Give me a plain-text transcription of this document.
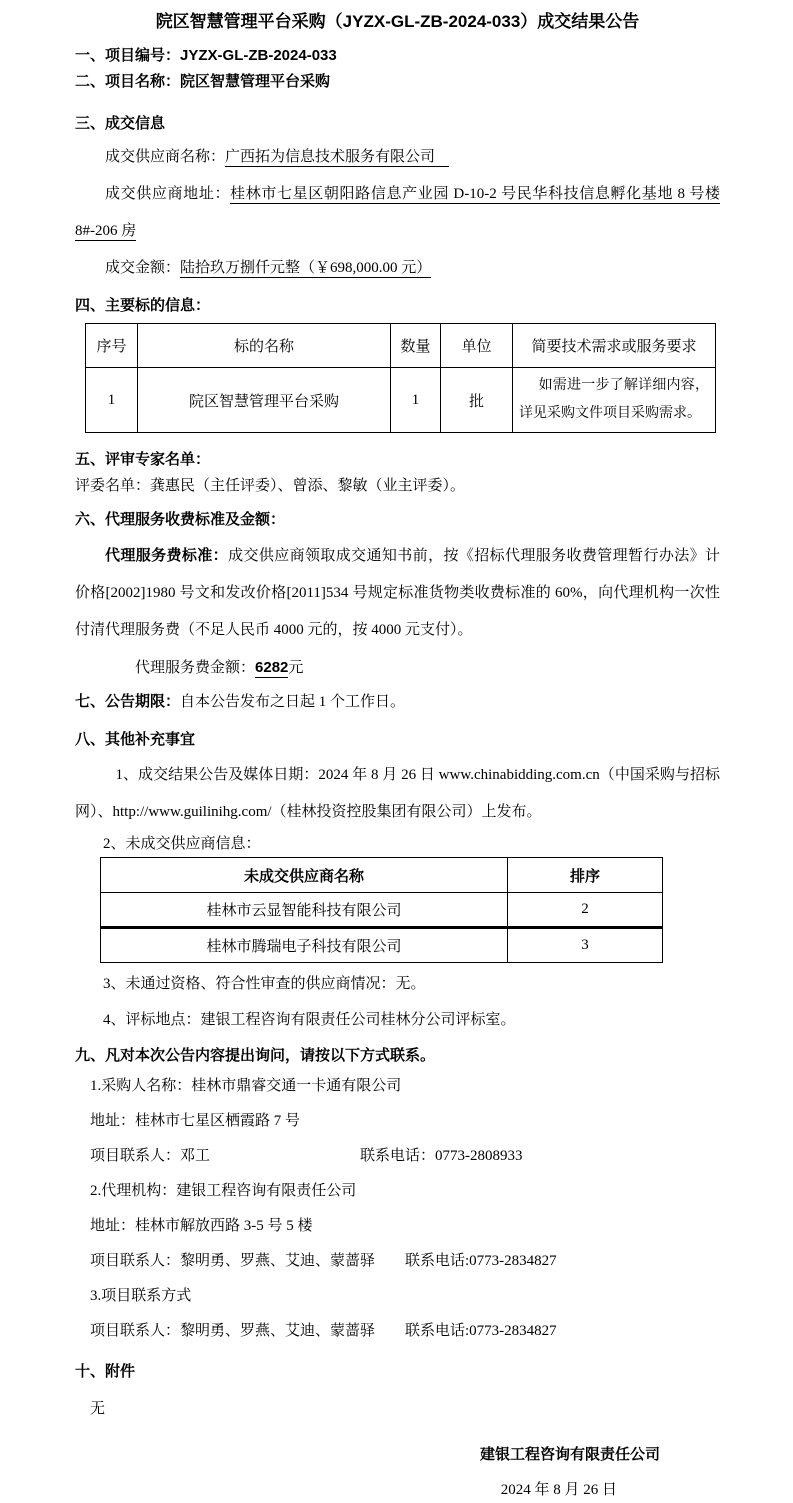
院区智慧管理平台采购（JYZX-GL-ZB-2024-033）成交结果公告

一、项目编号：JYZX-GL-ZB-2024-033

二、项目名称：院区智慧管理平台采购

三、成交信息

成交供应商名称：广西拓为信息技术服务有限公司

成交供应商地址：桂林市七星区朝阳路信息产业园 D-10-2 号民华科技信息孵化基地 8 号楼 8#-206 房

成交金额：陆拾玖万捌仟元整（￥698,000.00 元）

四、主要标的信息：

序号	标的名称	数量	单位	简要技术需求或服务要求
1	院区智慧管理平台采购	1	批	如需进一步了解详细内容，详见采购文件项目采购需求。

五、评审专家名单：

评委名单：龚惠民（主任评委）、曾添、黎敏（业主评委）。

六、代理服务收费标准及金额：

代理服务费标准：成交供应商领取成交通知书前，按《招标代理服务收费管理暂行办法》计价格[2002]1980 号文和发改价格[2011]534 号规定标准货物类收费标准的 60%，向代理机构一次性付清代理服务费（不足人民币 4000 元的，按 4000 元支付）。

代理服务费金额：6282元

七、公告期限：自本公告发布之日起 1 个工作日。

八、其他补充事宜

1、成交结果公告及媒体日期：2024 年 8 月 26 日 www.chinabidding.com.cn（中国采购与招标网）、http://www.guilinihg.com/（桂林投资控股集团有限公司）上发布。

2、未成交供应商信息：

未成交供应商名称	排序
桂林市云显智能科技有限公司	2
桂林市腾瑞电子科技有限公司	3

3、未通过资格、符合性审查的供应商情况：无。

4、评标地点：建银工程咨询有限责任公司桂林分公司评标室。

九、凡对本次公告内容提出询问，请按以下方式联系。

1.采购人名称：桂林市鼎睿交通一卡通有限公司

地址：桂林市七星区栖霞路 7 号

项目联系人：邓工	联系电话：0773-2808933

2.代理机构：建银工程咨询有限责任公司

地址：桂林市解放西路 3-5 号 5 楼

项目联系人：黎明勇、罗燕、艾迪、蒙蔷驿 联系电话:0773-2834827

3.项目联系方式

项目联系人：黎明勇、罗燕、艾迪、蒙蔷驿 联系电话:0773-2834827

十、附件

无

建银工程咨询有限责任公司

2024 年 8 月 26 日
